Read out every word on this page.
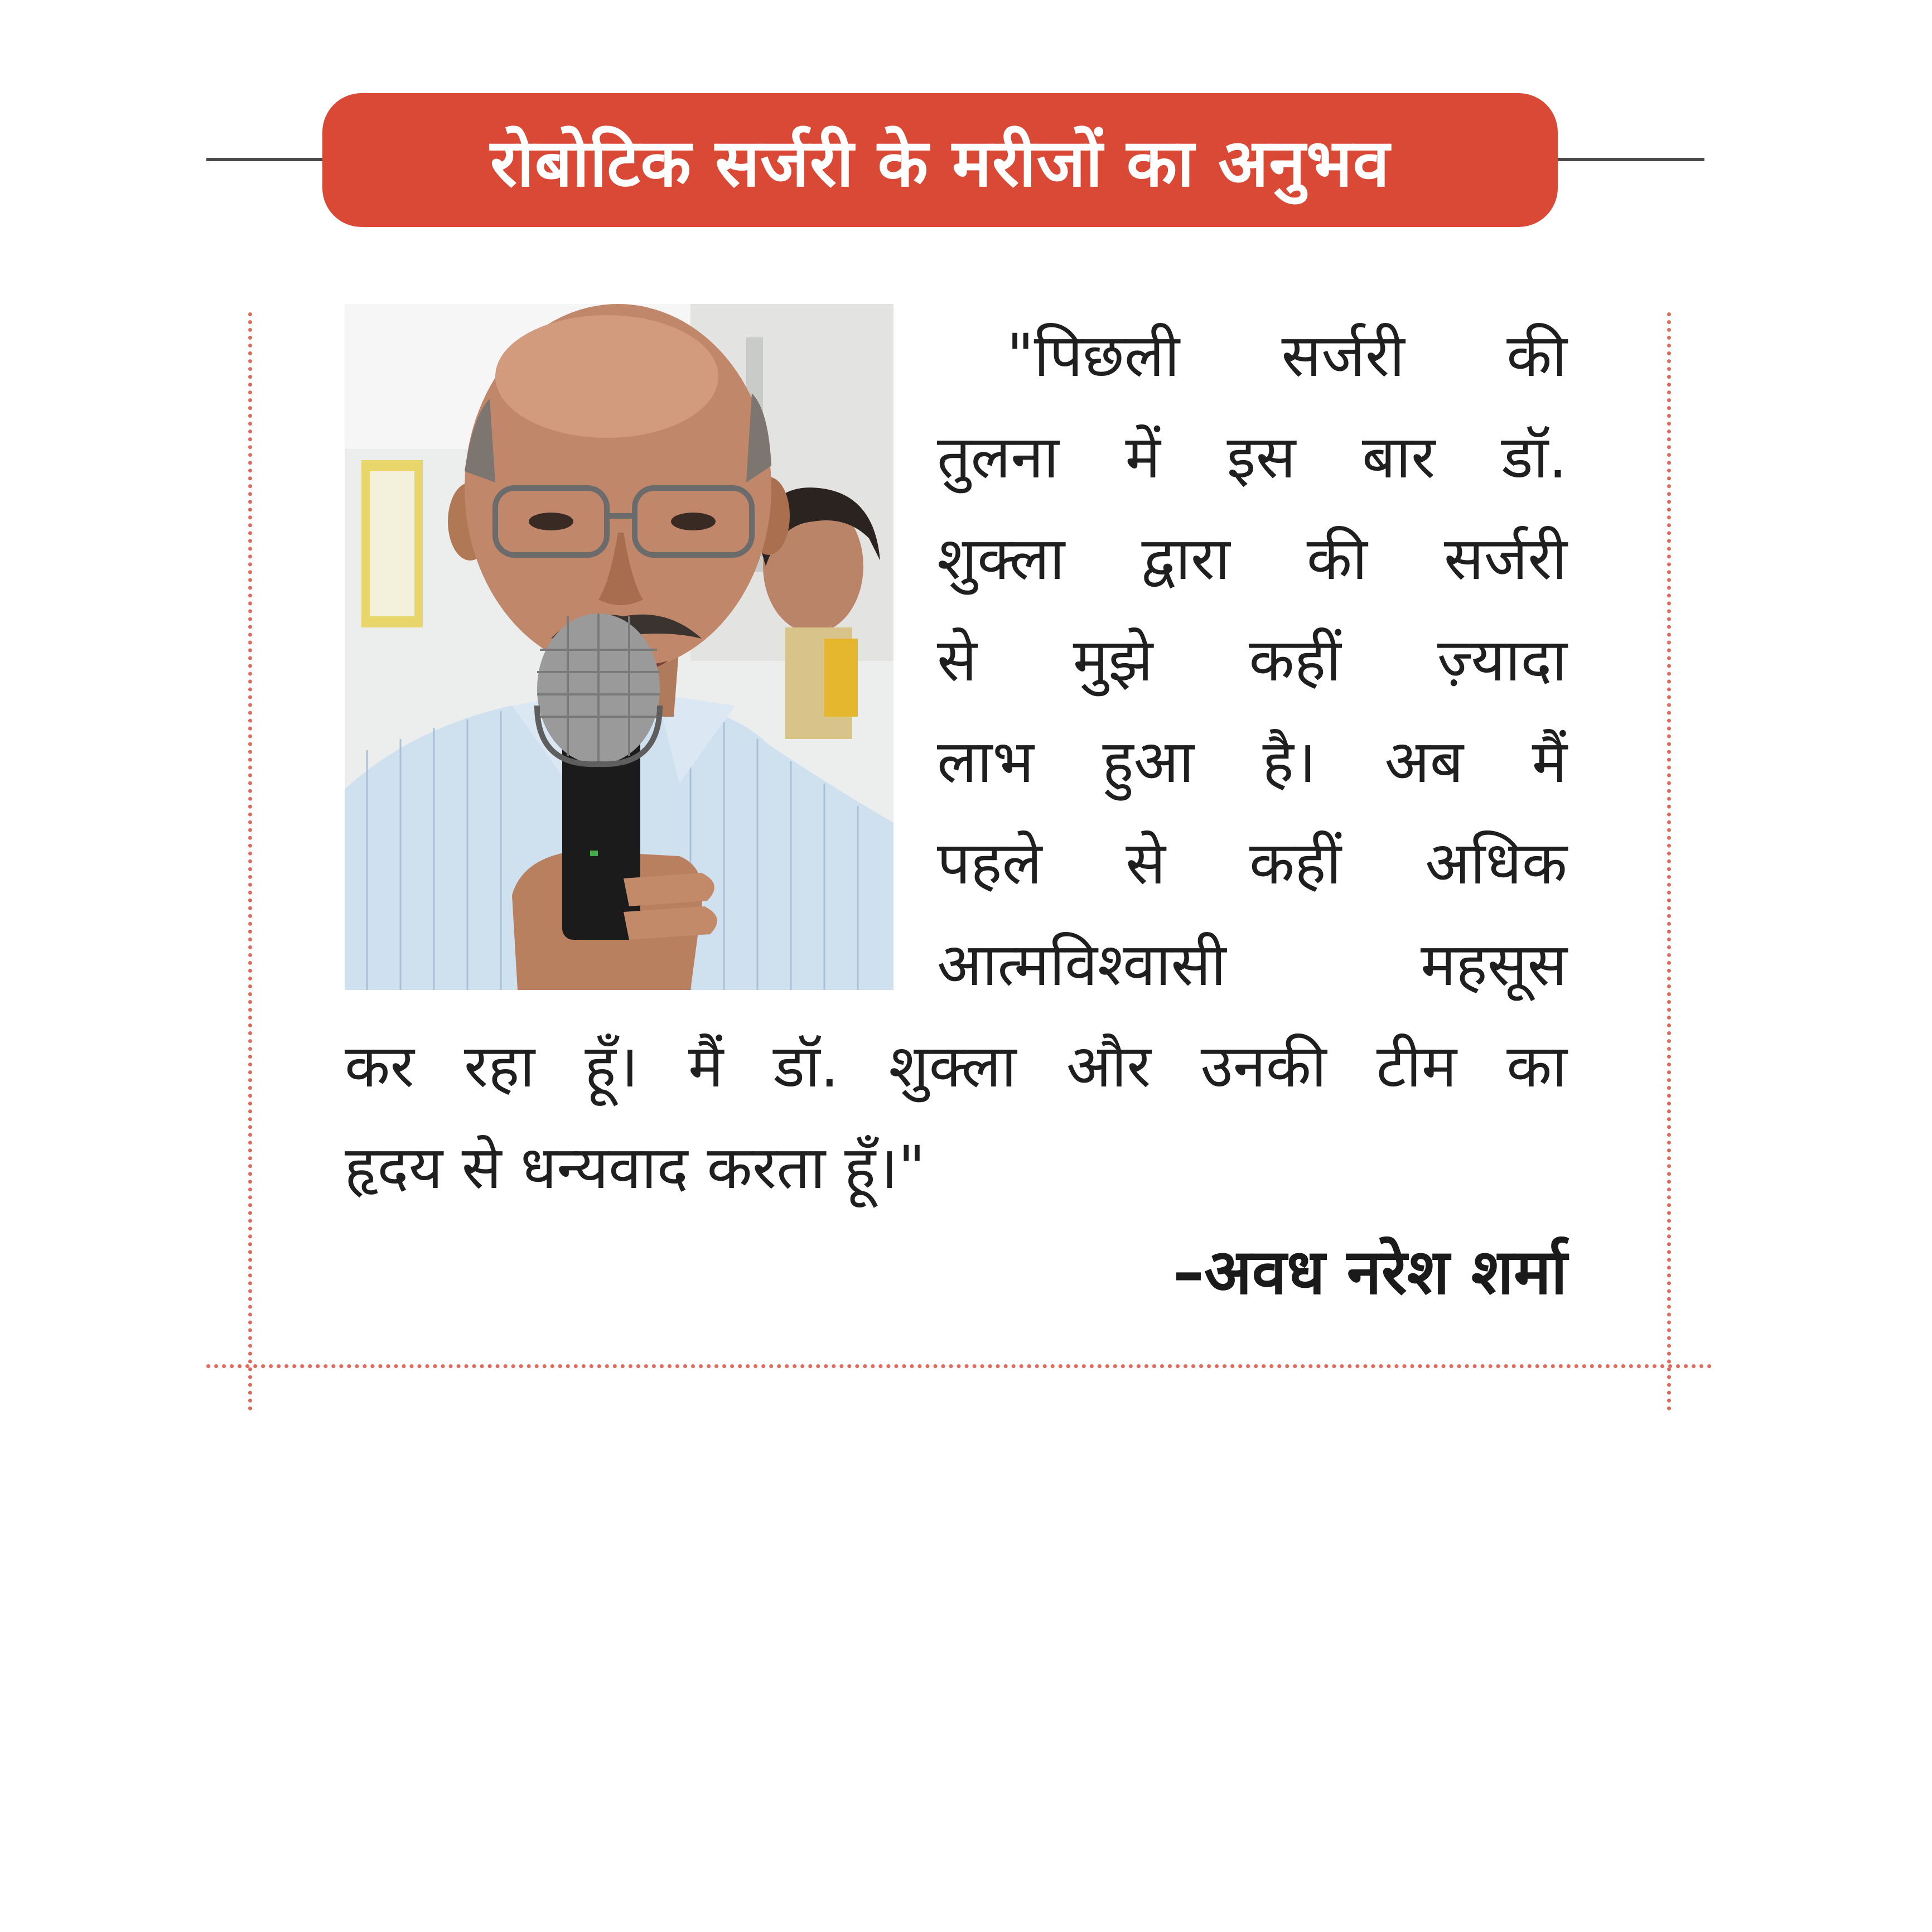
रोबोटिक सर्जरी के मरीजों का अनुभव
"पिछली सर्जरी की
तुलना में इस बार डॉ.
शुक्ला द्वारा की सर्जरी
से मुझे कहीं ज़्यादा
लाभ हुआ है। अब मैं
पहले से कहीं अधिक
आत्मविश्वासी महसूस
कर रहा हूँ। मैं डॉ. शुक्ला और उनकी टीम का
हृदय से धन्यवाद करता हूँ।"
–अवध नरेश शर्मा
